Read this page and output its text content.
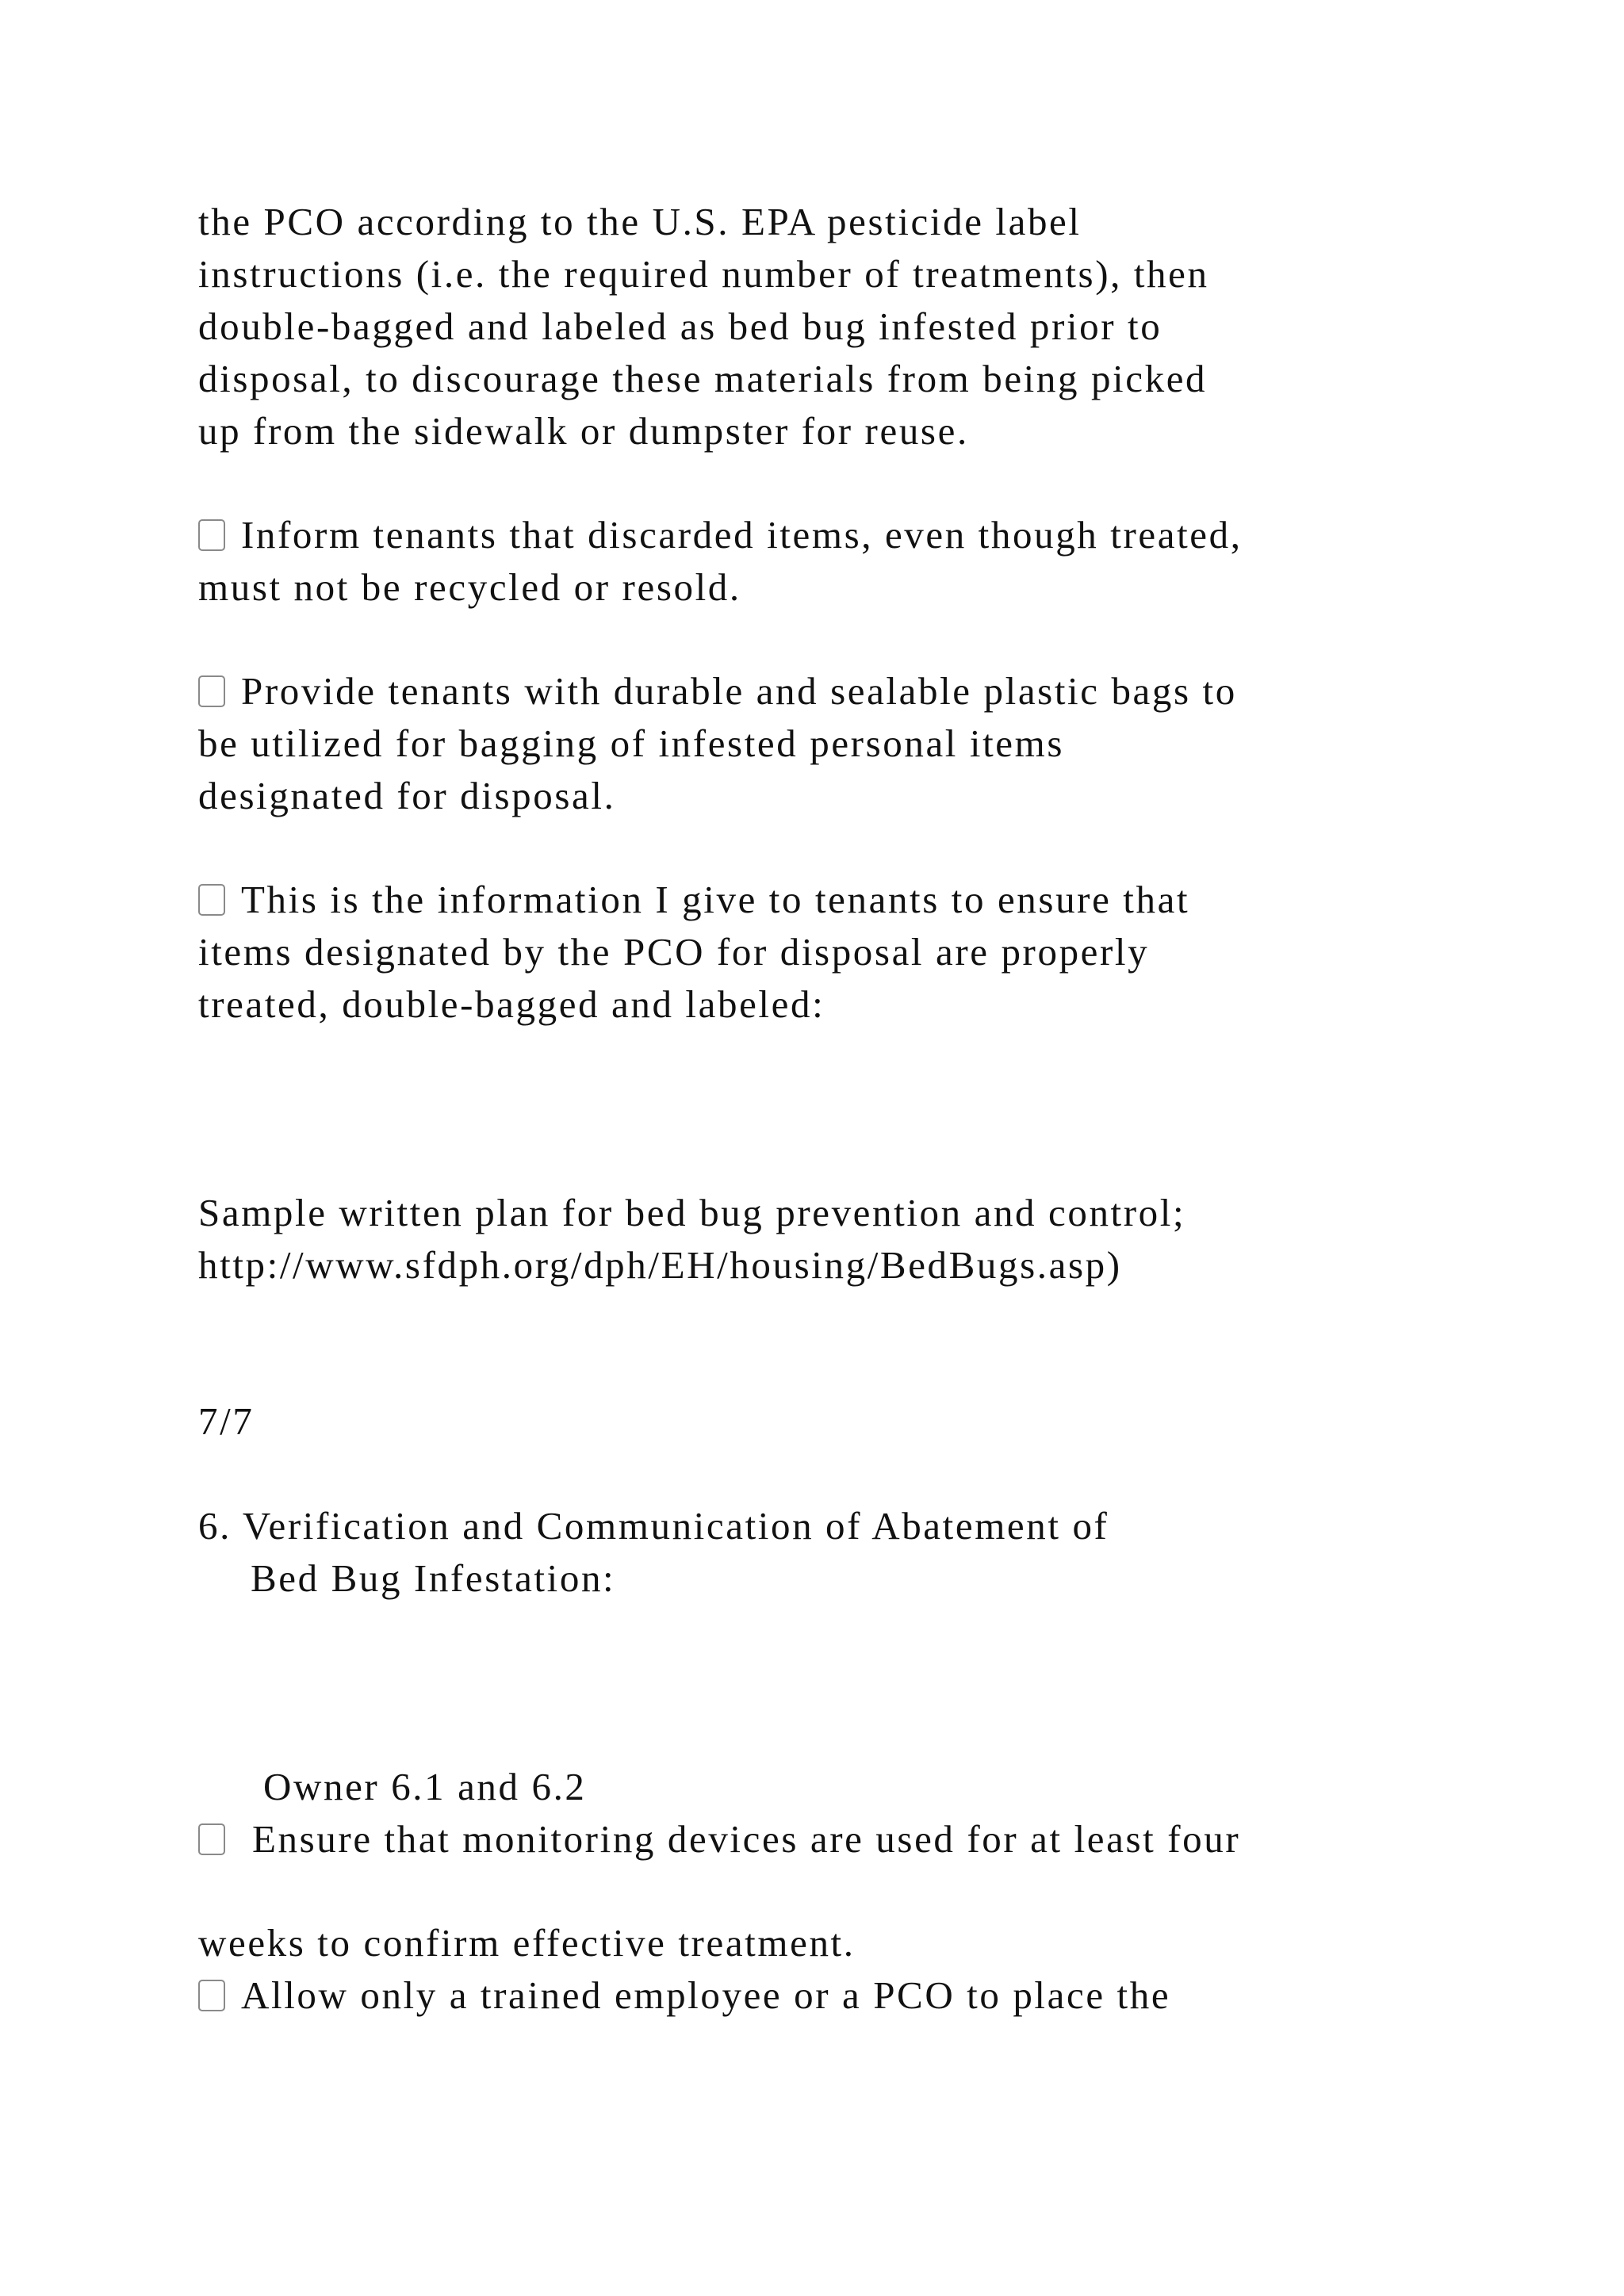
the PCO according to the U.S. EPA pesticide label

instructions (i.e. the required number of treatments), then

double-bagged and labeled as bed bug infested prior to

disposal, to discourage these materials from being picked

up from the sidewalk or dumpster for reuse.

Inform tenants that discarded items, even though treated,

must not be recycled or resold.

Provide tenants with durable and sealable plastic bags to

be utilized for bagging of infested personal items

designated for disposal.

This is the information I give to tenants to ensure that

items designated by the PCO for disposal are properly

treated, double-bagged and labeled:

Sample written plan for bed bug prevention and control;

http://www.sfdph.org/dph/EH/housing/BedBugs.asp)

7/7

6. Verification and Communication of Abatement of

Bed Bug Infestation:

Owner 6.1 and 6.2

Ensure that monitoring devices are used for at least four

weeks to confirm effective treatment.

Allow only a trained employee or a PCO to place the
